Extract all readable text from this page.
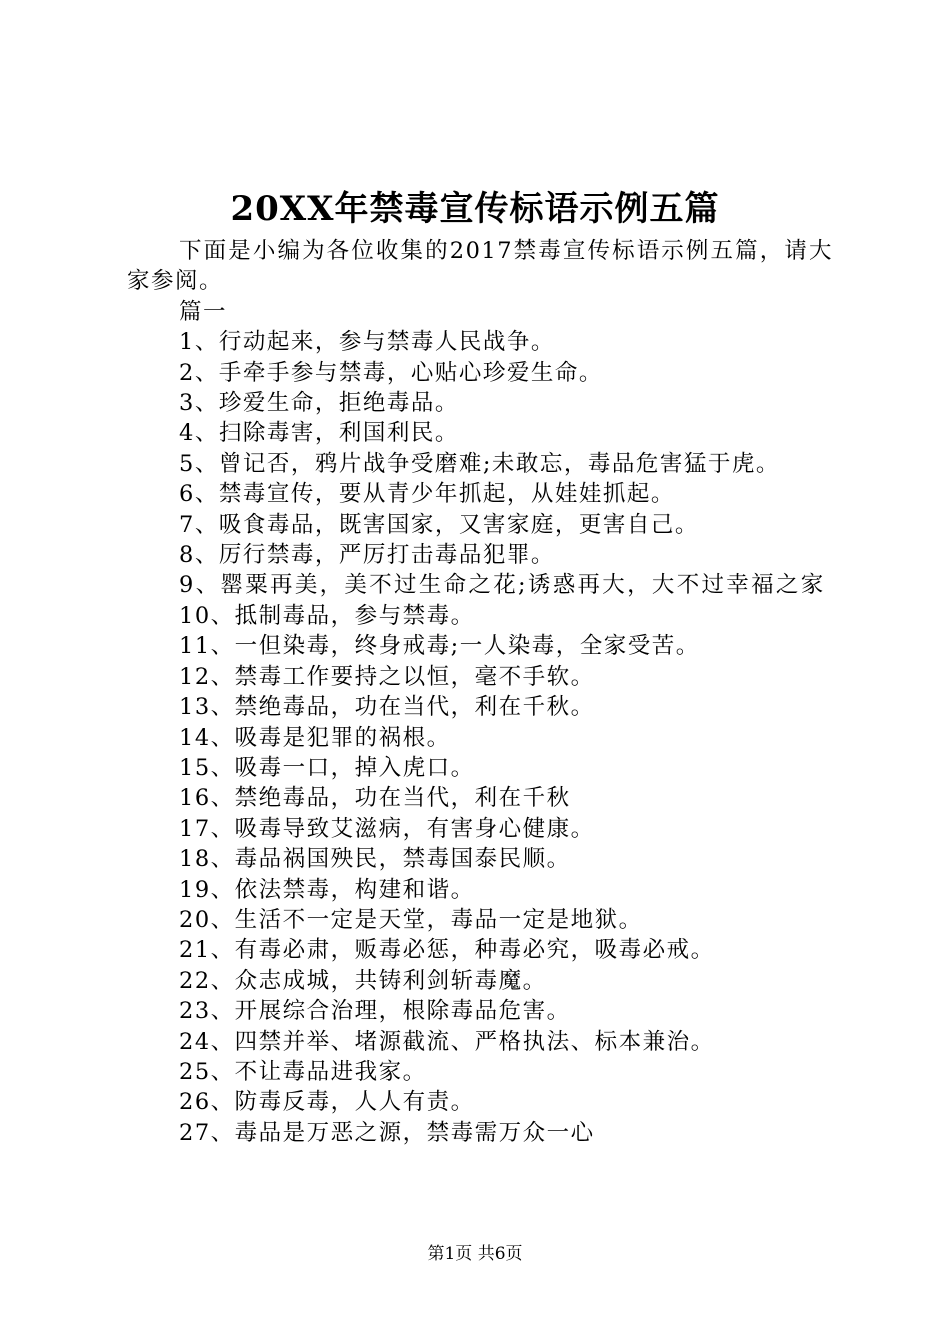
20XX年禁毒宣传标语示例五篇

下面是小编为各位收集的2017禁毒宣传标语示例五篇，请大家参阅。

篇一

1、行动起来，参与禁毒人民战争。

2、手牵手参与禁毒，心贴心珍爱生命。

3、珍爱生命，拒绝毒品。

4、扫除毒害，利国利民。

5、曾记否，鸦片战争受磨难;未敢忘，毒品危害猛于虎。

6、禁毒宣传，要从青少年抓起，从娃娃抓起。

7、吸食毒品，既害国家，又害家庭，更害自己。

8、厉行禁毒，严厉打击毒品犯罪。

9、罂粟再美，美不过生命之花;诱惑再大，大不过幸福之家

10、抵制毒品，参与禁毒。

11、一但染毒，终身戒毒;一人染毒，全家受苦。

12、禁毒工作要持之以恒，毫不手软。

13、禁绝毒品，功在当代，利在千秋。

14、吸毒是犯罪的祸根。

15、吸毒一口，掉入虎口。

16、禁绝毒品，功在当代，利在千秋

17、吸毒导致艾滋病，有害身心健康。

18、毒品祸国殃民，禁毒国泰民顺。

19、依法禁毒，构建和谐。

20、生活不一定是天堂，毒品一定是地狱。

21、有毒必肃，贩毒必惩，种毒必究，吸毒必戒。

22、众志成城，共铸利剑斩毒魔。

23、开展综合治理，根除毒品危害。

24、四禁并举、堵源截流、严格执法、标本兼治。

25、不让毒品进我家。

26、防毒反毒，人人有责。

27、毒品是万恶之源，禁毒需万众一心

第1页 共6页
